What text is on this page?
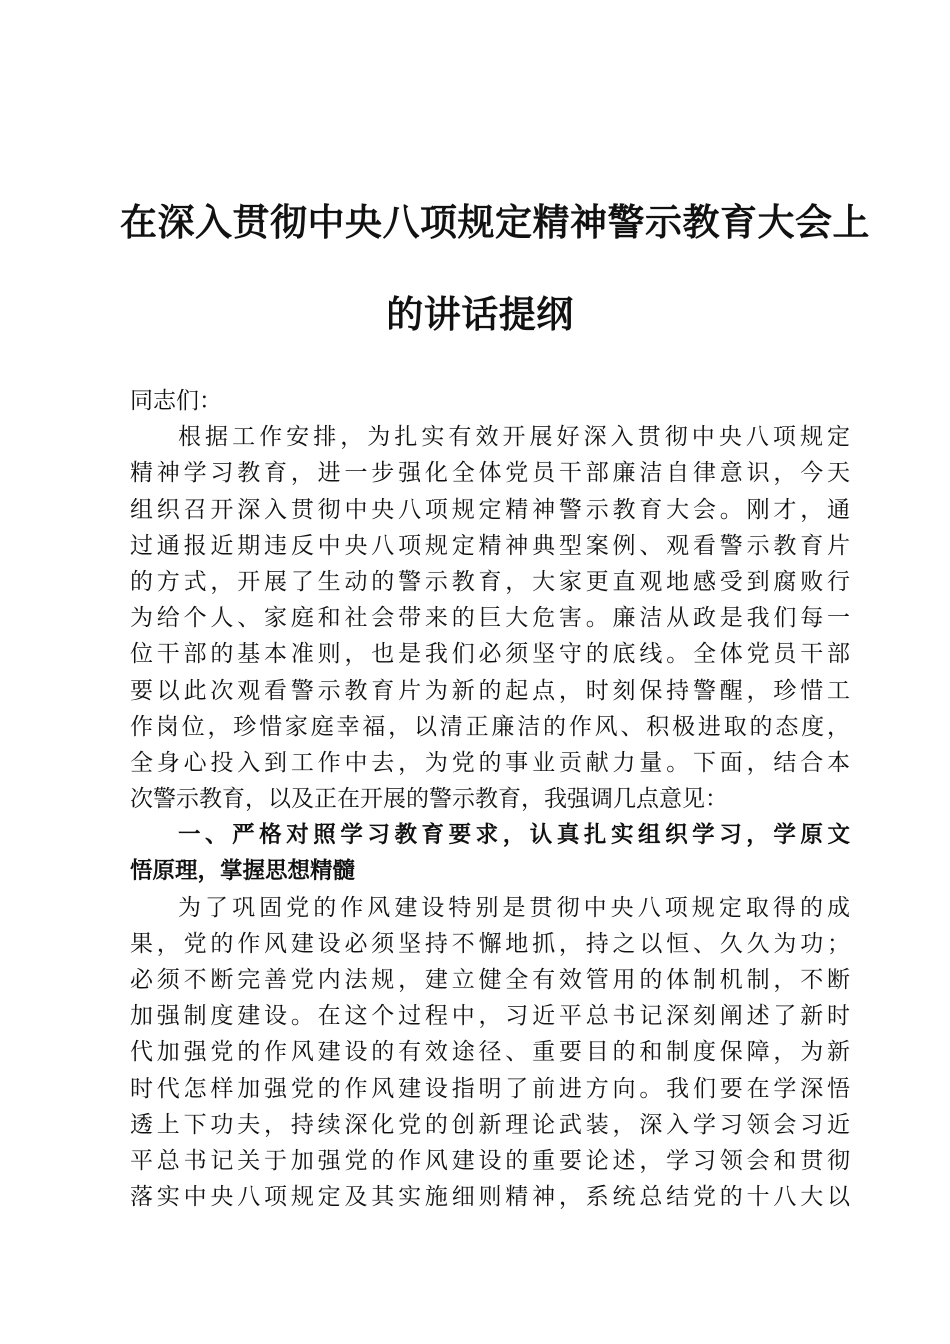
在深入贯彻中央八项规定精神警示教育大会上
的讲话提纲
同志们：
根据工作安排，为扎实有效开展好深入贯彻中央八项规定
精神学习教育，进一步强化全体党员干部廉洁自律意识，今天
组织召开深入贯彻中央八项规定精神警示教育大会。刚才，通
过通报近期违反中央八项规定精神典型案例、观看警示教育片
的方式，开展了生动的警示教育，大家更直观地感受到腐败行
为给个人、家庭和社会带来的巨大危害。廉洁从政是我们每一
位干部的基本准则，也是我们必须坚守的底线。全体党员干部
要以此次观看警示教育片为新的起点，时刻保持警醒，珍惜工
作岗位，珍惜家庭幸福，以清正廉洁的作风、积极进取的态度，
全身心投入到工作中去，为党的事业贡献力量。下面，结合本
次警示教育，以及正在开展的警示教育，我强调几点意见：
一、严格对照学习教育要求，认真扎实组织学习，学原文
悟原理，掌握思想精髓
为了巩固党的作风建设特别是贯彻中央八项规定取得的成
果，党的作风建设必须坚持不懈地抓，持之以恒、久久为功；
必须不断完善党内法规，建立健全有效管用的体制机制，不断
加强制度建设。在这个过程中，习近平总书记深刻阐述了新时
代加强党的作风建设的有效途径、重要目的和制度保障，为新
时代怎样加强党的作风建设指明了前进方向。我们要在学深悟
透上下功夫，持续深化党的创新理论武装，深入学习领会习近
平总书记关于加强党的作风建设的重要论述，学习领会和贯彻
落实中央八项规定及其实施细则精神，系统总结党的十八大以
